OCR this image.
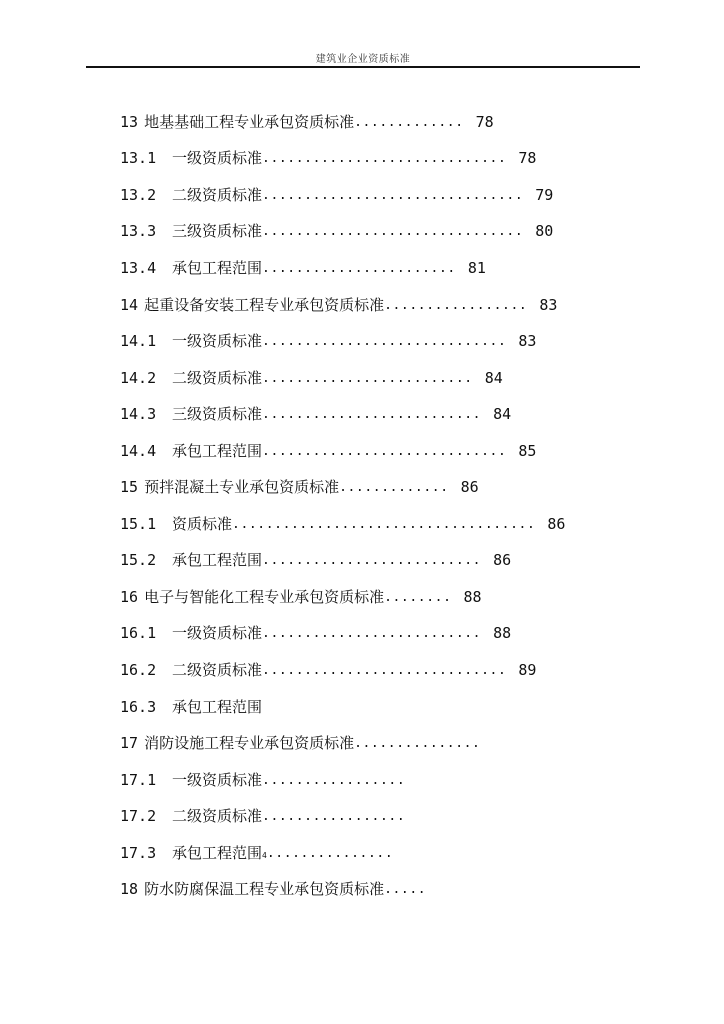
建筑业企业资质标准
13 地基基础工程专业承包资质标准 ............. 78
13.1	一级资质标准 ............................. 78
13.2	二级资质标准 ............................... 79
13.3	三级资质标准 ............................... 80
13.4	承包工程范围 ....................... 81
14 起重设备安装工程专业承包资质标准 ................. 83
14.1	一级资质标准 ............................. 83
14.2	二级资质标准 ......................... 84
14.3	三级资质标准 .......................... 84
14.4	承包工程范围 ............................. 85
15 预拌混凝土专业承包资质标准 ............. 86
15.1	资质标准 .................................... 86
15.2	承包工程范围 .......................... 86
16 电子与智能化工程专业承包资质标准 ........ 88
16.1	一级资质标准 .......................... 88
16.2	二级资质标准 ............................. 89
16.3	承包工程范围
17 消防设施工程专业承包资质标准 ...............
17.1	一级资质标准 .................
17.2	二级资质标准 .................
17.3	承包工程范围 4 ...............
18 防水防腐保温工程专业承包资质标准 .....
